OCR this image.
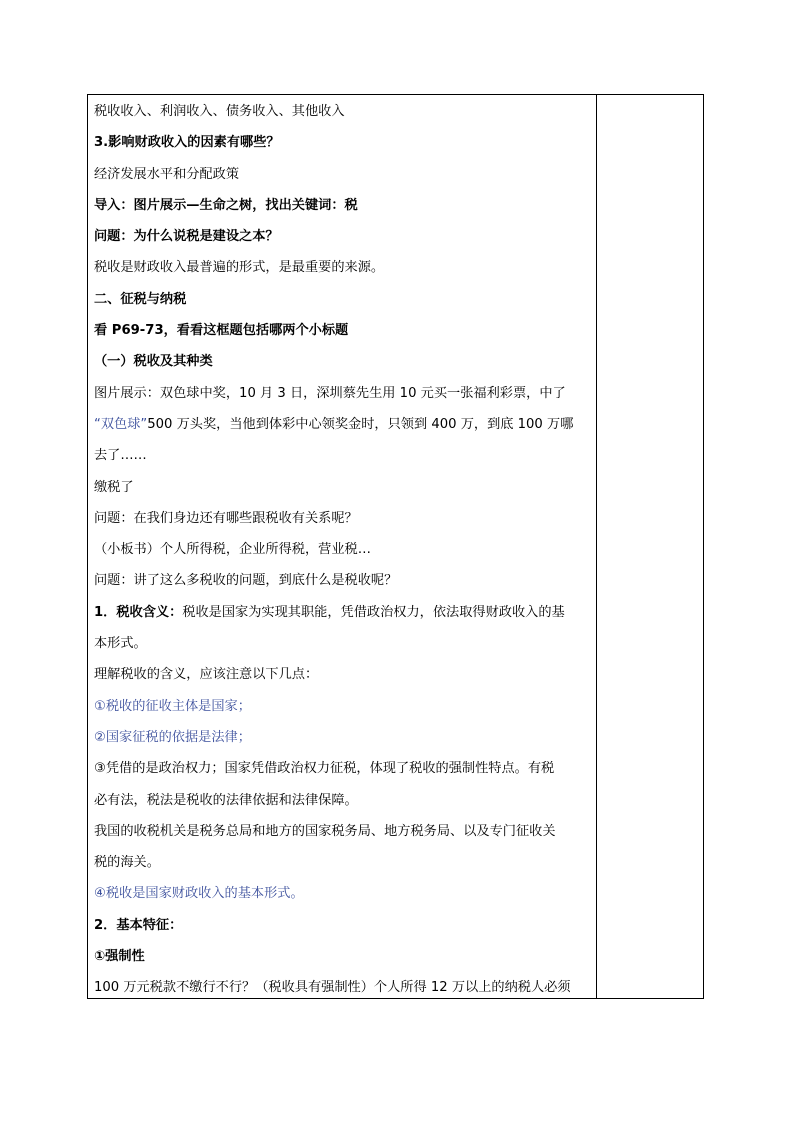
税收收入、利润收入、债务收入、其他收入
3.影响财政收入的因素有哪些？
经济发展水平和分配政策
导入：图片展示—生命之树，找出关键词：税
问题：为什么说税是建设之本？
税收是财政收入最普遍的形式，是最重要的来源。
二、征税与纳税
看 P69-73，看看这框题包括哪两个小标题
（一）税收及其种类
图片展示：双色球中奖，10 月 3 日，深圳蔡先生用 10 元买一张福利彩票，中了
“双色球”500 万头奖，当他到体彩中心领奖金时，只领到 400 万，到底 100 万哪
去了……
缴税了
问题：在我们身边还有哪些跟税收有关系呢？
（小板书）个人所得税，企业所得税，营业税…
问题：讲了这么多税收的问题，到底什么是税收呢？
1．税收含义：税收是国家为实现其职能，凭借政治权力，依法取得财政收入的基
本形式。
理解税收的含义，应该注意以下几点：
①税收的征收主体是国家；
②国家征税的依据是法律；
③凭借的是政治权力；国家凭借政治权力征税，体现了税收的强制性特点。有税
必有法，税法是税收的法律依据和法律保障。
我国的收税机关是税务总局和地方的国家税务局、地方税务局、以及专门征收关
税的海关。
④税收是国家财政收入的基本形式。
2．基本特征：
①强制性
100 万元税款不缴行不行？（税收具有强制性）个人所得 12 万以上的纳税人必须
